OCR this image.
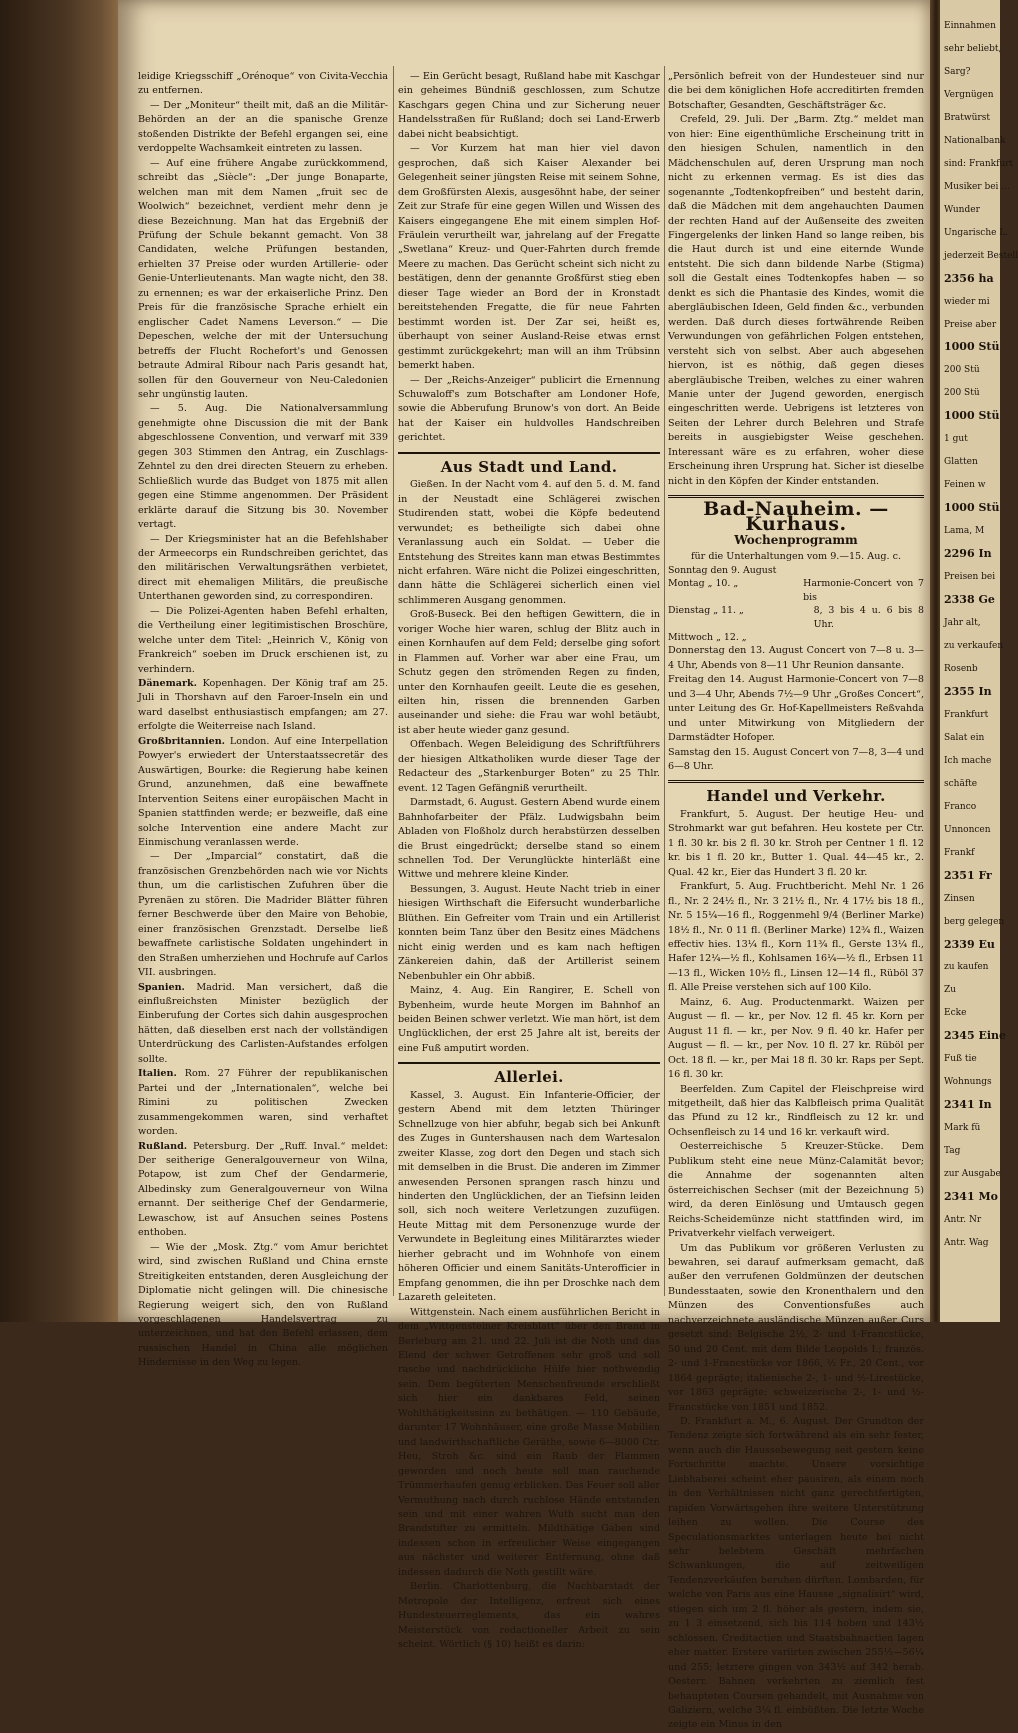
leidige Kriegsschiff „Orénoque“ von Civita-Vecchia zu entfernen.

— Der „Moniteur“ theilt mit, daß an die Militär-Behörden an der an die spanische Grenze stoßenden Distrikte der Befehl ergangen sei, eine verdoppelte Wachsamkeit eintreten zu lassen.

— Auf eine frühere Angabe zurückkommend, schreibt das „Siècle“: „Der junge Bonaparte, welchen man mit dem Namen „fruit sec de Woolwich“ bezeichnet, verdient mehr denn je diese Bezeichnung. Man hat das Ergebniß der Prüfung der Schule bekannt gemacht. Von 38 Candidaten, welche Prüfungen bestanden, erhielten 37 Preise oder wurden Artillerie- oder Genie-Unterlieutenants. Man wagte nicht, den 38. zu ernennen; es war der erkaiserliche Prinz. Den Preis für die französische Sprache erhielt ein englischer Cadet Namens Leverson.“ — Die Depeschen, welche der mit der Untersuchung betreffs der Flucht Rochefort's und Genossen betraute Admiral Ribour nach Paris gesandt hat, sollen für den Gouverneur von Neu-Caledonien sehr ungünstig lauten.

— 5. Aug. Die Nationalversammlung genehmigte ohne Discussion die mit der Bank abgeschlossene Convention, und verwarf mit 339 gegen 303 Stimmen den Antrag, ein Zuschlags-Zehntel zu den drei directen Steuern zu erheben. Schließlich wurde das Budget von 1875 mit allen gegen eine Stimme angenommen. Der Präsident erklärte darauf die Sitzung bis 30. November vertagt.

— Der Kriegsminister hat an die Befehlshaber der Armeecorps ein Rundschreiben gerichtet, das den militärischen Verwaltungsräthen verbietet, direct mit ehemaligen Militärs, die preußische Unterthanen geworden sind, zu correspondiren.

— Die Polizei-Agenten haben Befehl erhalten, die Vertheilung einer legitimistischen Broschüre, welche unter dem Titel: „Heinrich V., König von Frankreich“ soeben im Druck erschienen ist, zu verhindern.

Dänemark. Kopenhagen. Der König traf am 25. Juli in Thorshavn auf den Faroer-Inseln ein und ward daselbst enthusiastisch empfangen; am 27. erfolgte die Weiterreise nach Island.

Großbritannien. London. Auf eine Interpellation Powyer's erwiedert der Unterstaatssecretär des Auswärtigen, Bourke: die Regierung habe keinen Grund, anzunehmen, daß eine bewaffnete Intervention Seitens einer europäischen Macht in Spanien stattfinden werde; er bezweifle, daß eine solche Intervention eine andere Macht zur Einmischung veranlassen werde.

— Der „Imparcial“ constatirt, daß die französischen Grenzbehörden nach wie vor Nichts thun, um die carlistischen Zufuhren über die Pyrenäen zu stören. Die Madrider Blätter führen ferner Beschwerde über den Maire von Behobie, einer französischen Grenzstadt. Derselbe ließ bewaffnete carlistische Soldaten ungehindert in den Straßen umherziehen und Hochrufe auf Carlos VII. ausbringen.

Spanien. Madrid. Man versichert, daß die einflußreichsten Minister bezüglich der Einberufung der Cortes sich dahin ausgesprochen hätten, daß dieselben erst nach der vollständigen Unterdrückung des Carlisten-Aufstandes erfolgen sollte.

Italien. Rom. 27 Führer der republikanischen Partei und der „Internationalen“, welche bei Rimini zu politischen Zwecken zusammengekommen waren, sind verhaftet worden.

Rußland. Petersburg. Der „Ruff. Inval.“ meldet: Der seitherige Generalgouverneur von Wilna, Potapow, ist zum Chef der Gendarmerie, Albedinsky zum Generalgouverneur von Wilna ernannt. Der seitherige Chef der Gendarmerie, Lewaschow, ist auf Ansuchen seines Postens enthoben.

— Wie der „Mosk. Ztg.“ vom Amur berichtet wird, sind zwischen Rußland und China ernste Streitigkeiten entstanden, deren Ausgleichung der Diplomatie nicht gelingen will. Die chinesische Regierung weigert sich, den von Rußland vorgeschlagenen Handelsvertrag zu unterzeichnen, und hat den Befehl erlassen, dem russischen Handel in China alle möglichen Hindernisse in den Weg zu legen.

— Ein Gerücht besagt, Rußland habe mit Kaschgar ein geheimes Bündniß geschlossen, zum Schutze Kaschgars gegen China und zur Sicherung neuer Handelsstraßen für Rußland; doch sei Land-Erwerb dabei nicht beabsichtigt.

— Vor Kurzem hat man hier viel davon gesprochen, daß sich Kaiser Alexander bei Gelegenheit seiner jüngsten Reise mit seinem Sohne, dem Großfürsten Alexis, ausgesöhnt habe, der seiner Zeit zur Strafe für eine gegen Willen und Wissen des Kaisers eingegangene Ehe mit einem simplen Hof-Fräulein verurtheilt war, jahrelang auf der Fregatte „Swetlana“ Kreuz- und Quer-Fahrten durch fremde Meere zu machen. Das Gerücht scheint sich nicht zu bestätigen, denn der genannte Großfürst stieg eben dieser Tage wieder an Bord der in Kronstadt bereitstehenden Fregatte, die für neue Fahrten bestimmt worden ist. Der Zar sei, heißt es, überhaupt von seiner Ausland-Reise etwas ernst gestimmt zurückgekehrt; man will an ihm Trübsinn bemerkt haben.

— Der „Reichs-Anzeiger“ publicirt die Ernennung Schuwaloff's zum Botschafter am Londoner Hofe, sowie die Abberufung Brunow's von dort. An Beide hat der Kaiser ein huldvolles Handschreiben gerichtet.

Aus Stadt und Land.

Gießen. In der Nacht vom 4. auf den 5. d. M. fand in der Neustadt eine Schlägerei zwischen Studirenden statt, wobei die Köpfe bedeutend verwundet; es betheiligte sich dabei ohne Veranlassung auch ein Soldat. — Ueber die Entstehung des Streites kann man etwas Bestimmtes nicht erfahren. Wäre nicht die Polizei eingeschritten, dann hätte die Schlägerei sicherlich einen viel schlimmeren Ausgang genommen.

Groß-Buseck. Bei den heftigen Gewittern, die in voriger Woche hier waren, schlug der Blitz auch in einen Kornhaufen auf dem Feld; derselbe ging sofort in Flammen auf. Vorher war aber eine Frau, um Schutz gegen den strömenden Regen zu finden, unter den Kornhaufen geeilt. Leute die es gesehen, eilten hin, rissen die brennenden Garben auseinander und siehe: die Frau war wohl betäubt, ist aber heute wieder ganz gesund.

Offenbach. Wegen Beleidigung des Schriftführers der hiesigen Altkatholiken wurde dieser Tage der Redacteur des „Starkenburger Boten“ zu 25 Thlr. event. 12 Tagen Gefängniß verurtheilt.

Darmstadt, 6. August. Gestern Abend wurde einem Bahnhofarbeiter der Pfälz. Ludwigsbahn beim Abladen von Floßholz durch herabstürzen desselben die Brust eingedrückt; derselbe stand so einem schnellen Tod. Der Verunglückte hinterläßt eine Wittwe und mehrere kleine Kinder.

Bessungen, 3. August. Heute Nacht trieb in einer hiesigen Wirthschaft die Eifersucht wunderbarliche Blüthen. Ein Gefreiter vom Train und ein Artillerist konnten beim Tanz über den Besitz eines Mädchens nicht einig werden und es kam nach heftigen Zänkereien dahin, daß der Artillerist seinem Nebenbuhler ein Ohr abbiß.

Mainz, 4. Aug. Ein Rangirer, E. Schell von Bybenheim, wurde heute Morgen im Bahnhof an beiden Beinen schwer verletzt. Wie man hört, ist dem Unglücklichen, der erst 25 Jahre alt ist, bereits der eine Fuß amputirt worden.

Allerlei.

Kassel, 3. August. Ein Infanterie-Officier, der gestern Abend mit dem letzten Thüringer Schnellzuge von hier abfuhr, begab sich bei Ankunft des Zuges in Guntershausen nach dem Wartesalon zweiter Klasse, zog dort den Degen und stach sich mit demselben in die Brust. Die anderen im Zimmer anwesenden Personen sprangen rasch hinzu und hinderten den Unglücklichen, der an Tiefsinn leiden soll, sich noch weitere Verletzungen zuzufügen. Heute Mittag mit dem Personenzuge wurde der Verwundete in Begleitung eines Militärarztes wieder hierher gebracht und im Wohnhofe von einem höheren Officier und einem Sanitäts-Unterofficier in Empfang genommen, die ihn per Droschke nach dem Lazareth geleiteten.

Wittgenstein. Nach einem ausführlichen Bericht in dem „Wittgensteiner Kreisblatt“ über den Brand in Berleburg am 21. und 22. Juli ist die Noth und das Elend der schwer Getroffenen sehr groß und soll rasche und nachdrückliche Hülfe hier nothwendig sein. Dem begüterten Menschenfreunde erschließt sich hier ein dankbares Feld, seinen Wohlthätigkeitssinn zu bethätigen. — 110 Gebäude, darunter 17 Wohnhäuser, eine große Masse Mobilien und landwirthschaftliche Geräthe, sowie 6—8000 Ctr. Heu, Stroh &c. sind ein Raub der Flammen geworden und noch heute soll man rauchende Trümmerhaufen genug erblicken. Das Feuer soll aller Vermuthung nach durch ruchlose Hände entstanden sein und mit einer wahren Wuth sucht man den Brandstifter zu ermitteln. Mildthätige Gaben sind indessen schon in erfreulicher Weise eingegangen aus nächster und weiterer Entfernung, ohne daß indessen dadurch die Noth gestillt wäre.

Berlin. Charlottenburg, die Nachbarstadt der Metropole der Intelligenz, erfreut sich eines Hundesteuerreglements, das ein wahres Meisterstück von redactioneller Arbeit zu sein scheint. Wörtlich (§ 10) heißt es darin:

„Persönlich befreit von der Hundesteuer sind nur die bei dem königlichen Hofe accreditirten fremden Botschafter, Gesandten, Geschäftsträger &c.

Crefeld, 29. Juli. Der „Barm. Ztg.“ meldet man von hier: Eine eigenthümliche Erscheinung tritt in den hiesigen Schulen, namentlich in den Mädchenschulen auf, deren Ursprung man noch nicht zu erkennen vermag. Es ist dies das sogenannte „Todtenkopfreiben“ und besteht darin, daß die Mädchen mit dem angehauchten Daumen der rechten Hand auf der Außenseite des zweiten Fingergelenks der linken Hand so lange reiben, bis die Haut durch ist und eine eiternde Wunde entsteht. Die sich dann bildende Narbe (Stigma) soll die Gestalt eines Todtenkopfes haben — so denkt es sich die Phantasie des Kindes, womit die abergläubischen Ideen, Geld finden &c., verbunden werden. Daß durch dieses fortwährende Reiben Verwundungen von gefährlichen Folgen entstehen, versteht sich von selbst. Aber auch abgesehen hiervon, ist es nöthig, daß gegen dieses abergläubische Treiben, welches zu einer wahren Manie unter der Jugend geworden, energisch eingeschritten werde. Uebrigens ist letzteres von Seiten der Lehrer durch Belehren und Strafe bereits in ausgiebigster Weise geschehen. Interessant wäre es zu erfahren, woher diese Erscheinung ihren Ursprung hat. Sicher ist dieselbe nicht in den Köpfen der Kinder entstanden.

Bad-Nauheim. — Kurhaus.
Wochenprogramm
für die Unterhaltungen vom 9.—15. Aug. c.
Sonntag den 9. August
Montag „ 10. „	Harmonie-Concert von 7 bis
Dienstag „ 11. „	8, 3 bis 4 u. 6 bis 8 Uhr.
Mittwoch „ 12. „

Donnerstag den 13. August Concert von 7—8 u. 3—4 Uhr, Abends von 8—11 Uhr Reunion dansante.

Freitag den 14. August Harmonie-Concert von 7—8 und 3—4 Uhr, Abends 7½—9 Uhr „Großes Concert“, unter Leitung des Gr. Hof-Kapellmeisters Reßvahda und unter Mitwirkung von Mitgliedern der Darmstädter Hofoper.

Samstag den 15. August Concert von 7—8, 3—4 und 6—8 Uhr.

Handel und Verkehr.

Frankfurt, 5. August. Der heutige Heu- und Strohmarkt war gut befahren. Heu kostete per Ctr. 1 fl. 30 kr. bis 2 fl. 30 kr. Stroh per Centner 1 fl. 12 kr. bis 1 fl. 20 kr., Butter 1. Qual. 44—45 kr., 2. Qual. 42 kr., Eier das Hundert 3 fl. 20 kr.

Frankfurt, 5. Aug. Fruchtbericht. Mehl Nr. 1 26 fl., Nr. 2 24½ fl., Nr. 3 21½ fl., Nr. 4 17½ bis 18 fl., Nr. 5 15¼—16 fl., Roggenmehl 9/4 (Berliner Marke) 18½ fl., Nr. 0 11 fl. (Berliner Marke) 12¾ fl., Waizen effectiv hies. 13¼ fl., Korn 11¾ fl., Gerste 13¼ fl., Hafer 12¼—½ fl., Kohlsamen 16¼—½ fl., Erbsen 11—13 fl., Wicken 10½ fl., Linsen 12—14 fl., Rüböl 37 fl. Alle Preise verstehen sich auf 100 Kilo.

Mainz, 6. Aug. Productenmarkt. Waizen per August — fl. — kr., per Nov. 12 fl. 45 kr. Korn per August 11 fl. — kr., per Nov. 9 fl. 40 kr. Hafer per August — fl. — kr., per Nov. 10 fl. 27 kr. Rüböl per Oct. 18 fl. — kr., per Mai 18 fl. 30 kr. Raps per Sept. 16 fl. 30 kr.

Beerfelden. Zum Capitel der Fleischpreise wird mitgetheilt, daß hier das Kalbfleisch prima Qualität das Pfund zu 12 kr., Rindfleisch zu 12 kr. und Ochsenfleisch zu 14 und 16 kr. verkauft wird.

Oesterreichische 5 Kreuzer-Stücke. Dem Publikum steht eine neue Münz-Calamität bevor; die Annahme der sogenannten alten österreichischen Sechser (mit der Bezeichnung 5) wird, da deren Einlösung und Umtausch gegen Reichs-Scheidemünze nicht stattfinden wird, im Privatverkehr vielfach verweigert.

Um das Publikum vor größeren Verlusten zu bewahren, sei darauf aufmerksam gemacht, daß außer den verrufenen Goldmünzen der deutschen Bundesstaaten, sowie den Kronenthalern und den Münzen des Conventionsfußes auch nachverzeichnete ausländische Münzen außer Curs gesetzt sind: Belgische 2½, 2- und 1-Francstücke, 50 und 20 Cent. mit dem Bilde Leopolds I.; französ. 2- und 1-Francstücke vor 1866, ½ Fr., 20 Cent., vor 1864 geprägte; italienische 2-, 1- und ½-Lirestücke, vor 1863 geprägte; schweizerische 2-, 1- und ½-Francstücke von 1851 und 1852.

D. Frankfurt a. M., 6. August. Der Grundton der Tendenz zeigte sich fortwährend als ein sehr fester, wenn auch die Haussebewegung seit gestern keine Fortschritte machte. Unsere vorsichtige Liebhaberei scheint eher pausiren, als einem noch in den Verhältnissen nicht ganz gerechtfertigten, rapiden Vorwärtsgehen ihre weitere Unterstützung leihen zu wollen. Die Course des Speculationsmarktes unterlagen heute bei nicht sehr belebtem Geschäft mehrfachen Schwankungen, die auf zeitweiligen Tendenzverkäufen beruhen dürften. Lombarden, für welche von Paris aus eine Hausse „signalisirt“ wird, stiegen sich um 2 fl. höher als gestern, indem sie, zu 1 3 einsetzend, sich bis 114 hoben und 143½ schlossen. Creditactien und Staatsbahnactien lagen eher matter. Erstere variirten zwischen 255½—56¼ und 255; letztere gingen von 343½ auf 342 herab. Oesterr. Bahnen verkehrten zu ziemlich fest behaupteten Coursen gehandelt, mit Ausnahme von Galiziern, welche 3¼ fl. einbüßten. Die letzte Woche zeigte ein Minus in den

Einnahmen
sehr beliebt,
Sarg?
Vergnügen
Bratwürst
Nationalbank
sind: Frankfurt
Musiker bei ...
Wunder
Ungarische L.
jederzeit Bestell
2356 ha
wieder mi
Preise aber
1000 Stü
200 Stü
200 Stü
1000 Stü
1 gut
Glatten
Feinen w
1000 Stü
Lama, M
2296 In
Preisen bei
2338 Ge
Jahr alt,
zu verkaufen
Rosenb
2355 In
Frankfurt
Salat ein
Ich mache
schäfte
Franco
Unnoncen
Frankf
2351 Fr
Zinsen
berg gelegen
2339 Eu
zu kaufen
Zu
Ecke
2345 Eine
Fuß tie
Wohnungs
2341 In
Mark fü
Tag
zur Ausgabe
2341 Mo
Antr. Nr
Antr. Wag
